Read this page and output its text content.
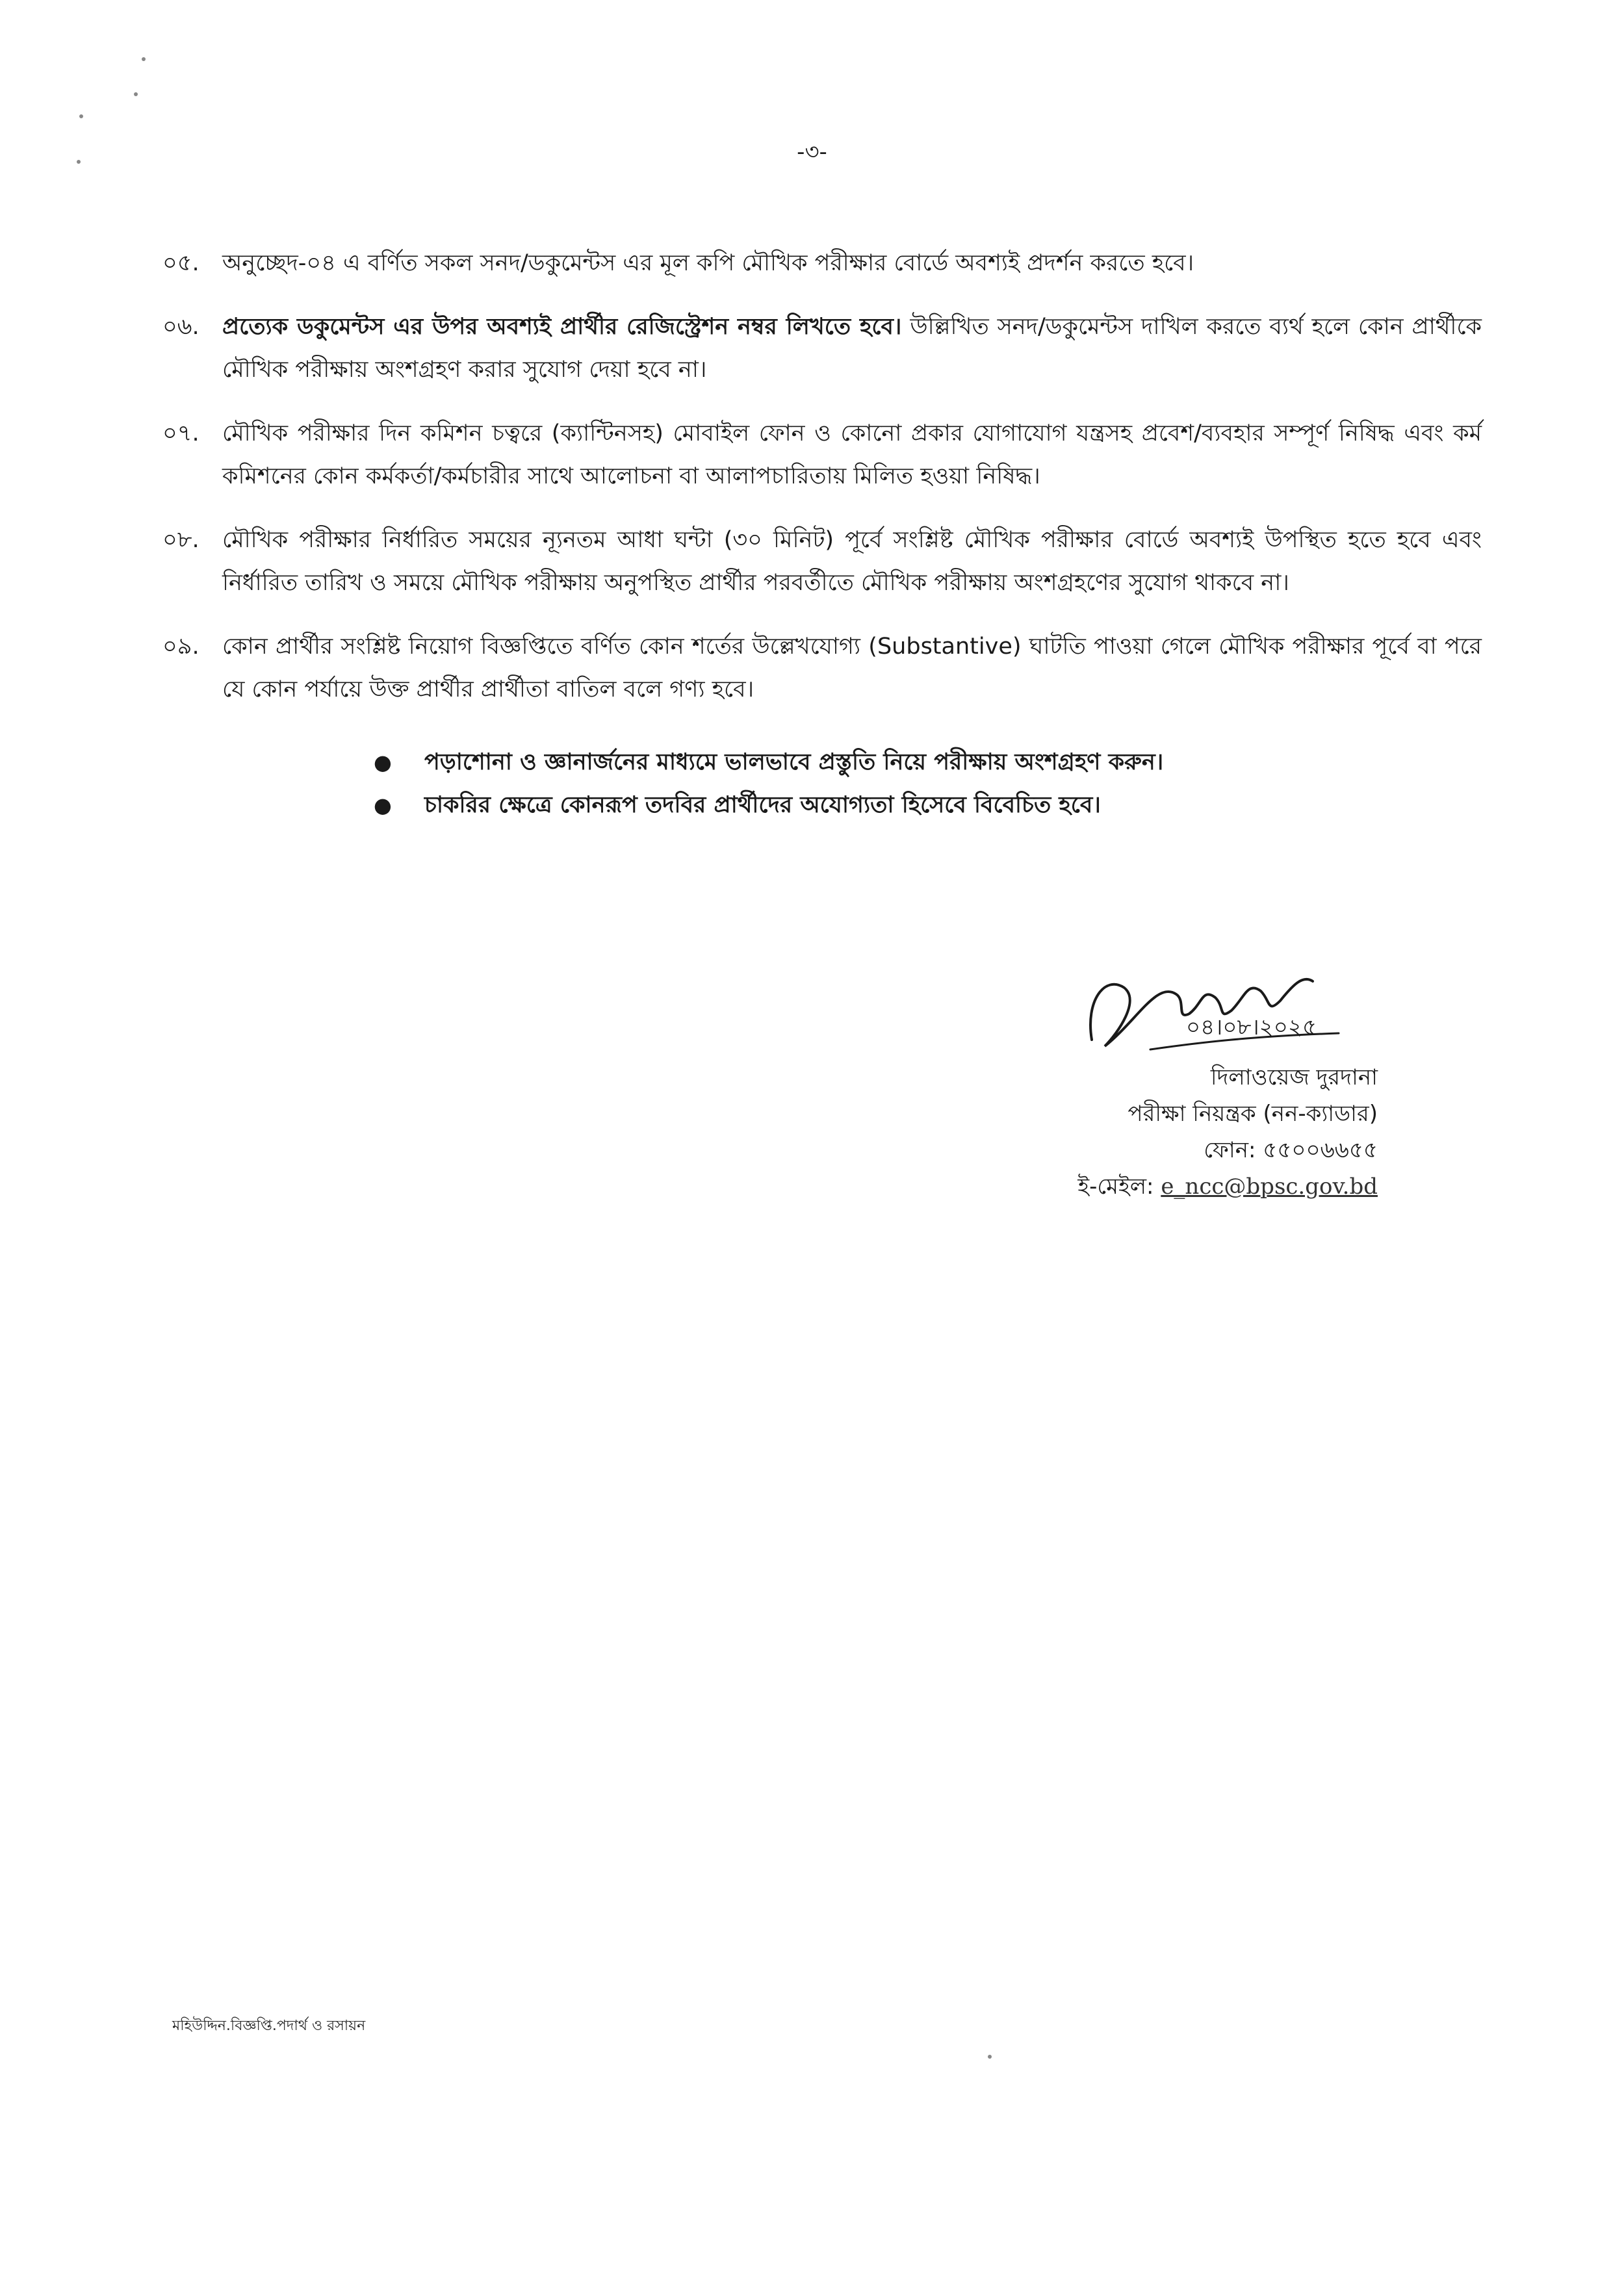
-৩-
০৫.	অনুচ্ছেদ-০৪ এ বর্ণিত সকল সনদ/ডকুমেন্টস এর মূল কপি মৌখিক পরীক্ষার বোর্ডে অবশ্যই প্রদর্শন করতে হবে।
০৬.	প্রত্যেক ডকুমেন্টস এর উপর অবশ্যই প্রার্থীর রেজিস্ট্রেশন নম্বর লিখতে হবে। উল্লিখিত সনদ/ডকুমেন্টস দাখিল করতে ব্যর্থ হলে কোন প্রার্থীকে মৌখিক পরীক্ষায় অংশগ্রহণ করার সুযোগ দেয়া হবে না।
০৭.	মৌখিক পরীক্ষার দিন কমিশন চত্বরে (ক্যান্টিনসহ) মোবাইল ফোন ও কোনো প্রকার যোগাযোগ যন্ত্রসহ প্রবেশ/ব্যবহার সম্পূর্ণ নিষিদ্ধ এবং কর্ম কমিশনের কোন কর্মকর্তা/কর্মচারীর সাথে আলোচনা বা আলাপচারিতায় মিলিত হওয়া নিষিদ্ধ।
০৮.	মৌখিক পরীক্ষার নির্ধারিত সময়ের ন্যূনতম আধা ঘন্টা (৩০ মিনিট) পূর্বে সংশ্লিষ্ট মৌখিক পরীক্ষার বোর্ডে অবশ্যই উপস্থিত হতে হবে এবং নির্ধারিত তারিখ ও সময়ে মৌখিক পরীক্ষায় অনুপস্থিত প্রার্থীর পরবর্তীতে মৌখিক পরীক্ষায় অংশগ্রহণের সুযোগ থাকবে না।
০৯.	কোন প্রার্থীর সংশ্লিষ্ট নিয়োগ বিজ্ঞপ্তিতে বর্ণিত কোন শর্তের উল্লেখযোগ্য (Substantive) ঘাটতি পাওয়া গেলে মৌখিক পরীক্ষার পূর্বে বা পরে যে কোন পর্যায়ে উক্ত প্রার্থীর প্রার্থীতা বাতিল বলে গণ্য হবে।
●	পড়াশোনা ও জ্ঞানার্জনের মাধ্যমে ভালভাবে প্রস্তুতি নিয়ে পরীক্ষায় অংশগ্রহণ করুন।
●	চাকরির ক্ষেত্রে কোনরূপ তদবির প্রার্থীদের অযোগ্যতা হিসেবে বিবেচিত হবে।
০৪।০৮।২০২৫
দিলাওয়েজ দুরদানা
পরীক্ষা নিয়ন্ত্রক (নন-ক্যাডার)
ফোন: ৫৫০০৬৬৫৫
ই-মেইল: e_ncc@bpsc.gov.bd
মহিউদ্দিন.বিজ্ঞপ্তি.পদার্থ ও রসায়ন
